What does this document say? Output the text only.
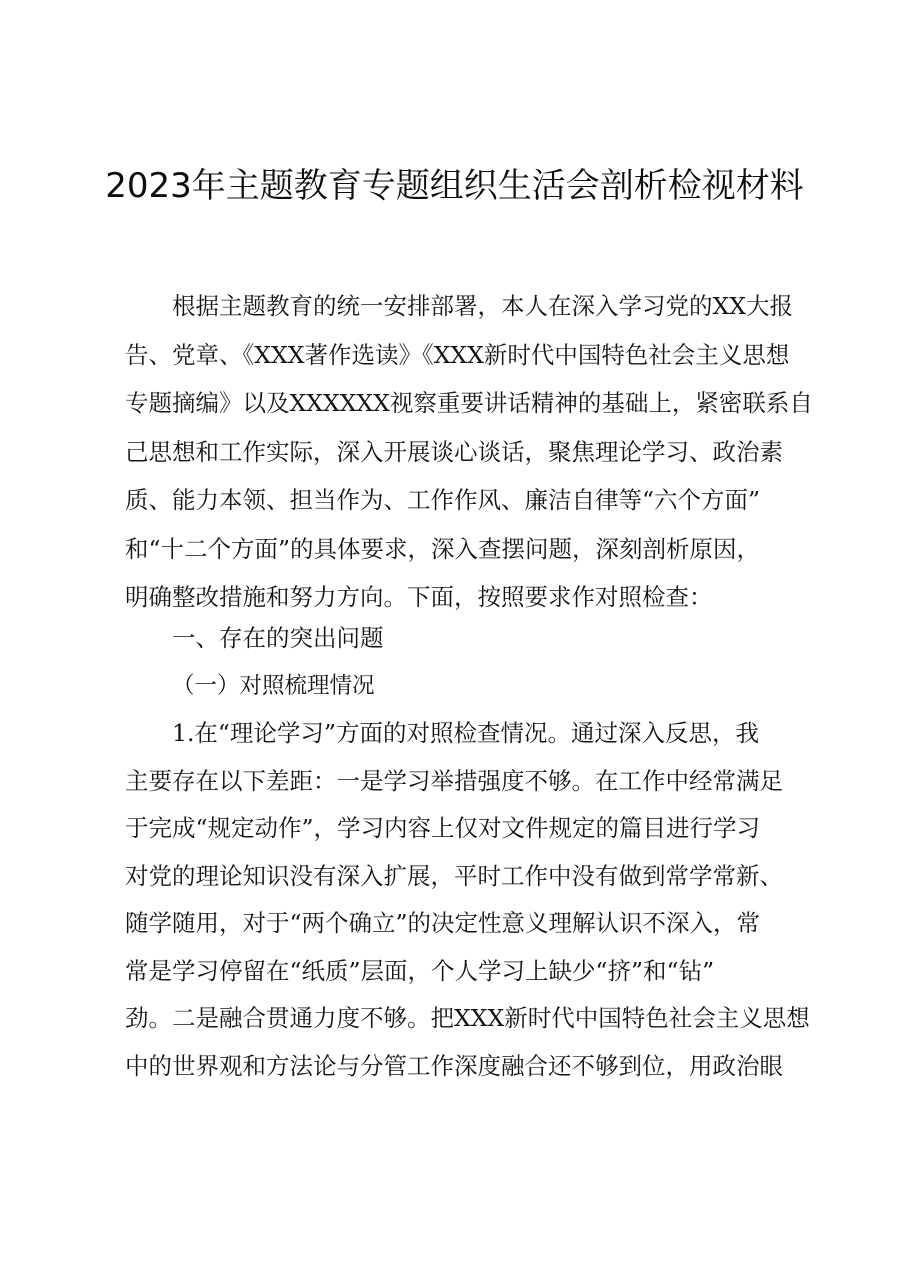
2023年主题教育专题组织生活会剖析检视材料
根据主题教育的统一安排部署，本人在深入学习党的XX大报
告、党章、《XXX著作选读》《XXX新时代中国特色社会主义思想
专题摘编》以及XXXXXX视察重要讲话精神的基础上，紧密联系自
己思想和工作实际，深入开展谈心谈话，聚焦理论学习、政治素
质、能力本领、担当作为、工作作风、廉洁自律等“六个方面”
和“十二个方面”的具体要求，深入查摆问题，深刻剖析原因，
明确整改措施和努力方向。下面，按照要求作对照检查：
一、存在的突出问题
（一）对照梳理情况
1.在“理论学习”方面的对照检查情况。通过深入反思，我
主要存在以下差距：一是学习举措强度不够。在工作中经常满足
于完成“规定动作”，学习内容上仅对文件规定的篇目进行学习
对党的理论知识没有深入扩展，平时工作中没有做到常学常新、
随学随用，对于“两个确立”的决定性意义理解认识不深入，常
常是学习停留在“纸质”层面，个人学习上缺少“挤”和“钻”
劲。二是融合贯通力度不够。把XXX新时代中国特色社会主义思想
中的世界观和方法论与分管工作深度融合还不够到位，用政治眼
